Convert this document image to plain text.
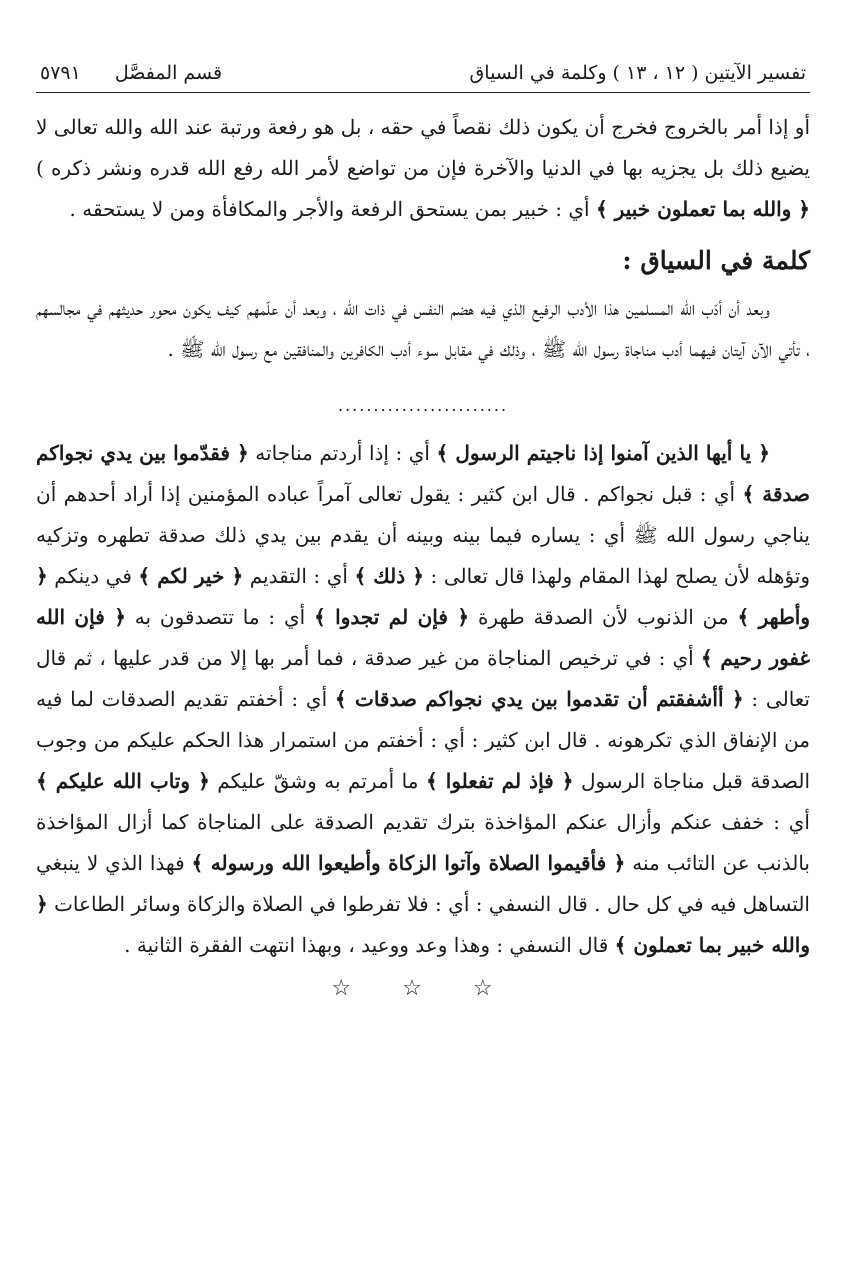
تفسير الآيتين ( ١٢ ، ١٣ ) وكلمة في السياق
قسم المفصَّل
٥٧٩١

أو إذا أمر بالخروج فخرج أن يكون ذلك نقصاً في حقه ، بل هو رفعة ورتبة عند الله والله تعالى لا يضيع ذلك بل يجزيه بها في الدنيا والآخرة فإن من تواضع لأمر الله رفع الله قدره ونشر ذكره ) ﴿ والله بما تعملون خبير ﴾ أي : خبير بمن يستحق الرفعة والأجر والمكافأة ومن لا يستحقه .

كلمة في السياق :

وبعد أن أدّب الله المسلمين هذا الأدب الرفيع الذي فيه هضم النفس في ذات الله ، وبعد أن علّمهم كيف يكون محور حديثهم في مجالسهم ، تأتي الآن آيتان فيهما أدب مناجاة رسول الله ﷺ ، وذلك في مقابل سوء أدب الكافرين والمنافقين مع رسول الله ﷺ .

........................

﴿ يا أيها الذين آمنوا إذا ناجيتم الرسول ﴾ أي : إذا أردتم مناجاته ﴿ فقدّموا بين يدي نجواكم صدقة ﴾ أي : قبل نجواكم . قال ابن كثير : يقول تعالى آمراً عباده المؤمنين إذا أراد أحدهم أن يناجي رسول الله ﷺ أي : يساره فيما بينه وبينه أن يقدم بين يدي ذلك صدقة تطهره وتزكيه وتؤهله لأن يصلح لهذا المقام ولهذا قال تعالى : ﴿ ذلك ﴾ أي : التقديم ﴿ خير لكم ﴾ في دينكم ﴿ وأطهر ﴾ من الذنوب لأن الصدقة طهرة ﴿ فإن لم تجدوا ﴾ أي : ما تتصدقون به ﴿ فإن الله غفور رحيم ﴾ أي : في ترخيص المناجاة من غير صدقة ، فما أمر بها إلا من قدر عليها ، ثم قال تعالى : ﴿ أأشفقتم أن تقدموا بين يدي نجواكم صدقات ﴾ أي : أخفتم تقديم الصدقات لما فيه من الإنفاق الذي تكرهونه . قال ابن كثير : أي : أخفتم من استمرار هذا الحكم عليكم من وجوب الصدقة قبل مناجاة الرسول ﴿ فإذ لم تفعلوا ﴾ ما أمرتم به وشقّ عليكم ﴿ وتاب الله عليكم ﴾ أي : خفف عنكم وأزال عنكم المؤاخذة بترك تقديم الصدقة على المناجاة كما أزال المؤاخذة بالذنب عن التائب منه ﴿ فأقيموا الصلاة وآتوا الزكاة وأطيعوا الله ورسوله ﴾ فهذا الذي لا ينبغي التساهل فيه في كل حال . قال النسفي : أي : فلا تفرطوا في الصلاة والزكاة وسائر الطاعات ﴿ والله خبير بما تعملون ﴾ قال النسفي : وهذا وعد ووعيد ، وبهذا انتهت الفقرة الثانية .

☆ ☆ ☆
